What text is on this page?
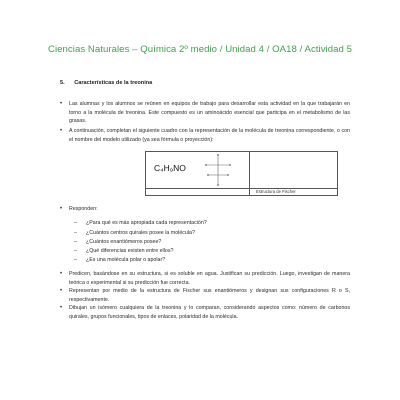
Ciencias Naturales – Química 2º medio / Unidad 4 / OA18 / Actividad 5
5. Características de la treonina
• Las alumnas y los alumnos se reúnen en equipos de trabajo para desarrollar esta actividad en la que trabajarán en torno a la molécula de treonina. Este compuesto es un aminoácido esencial que participa en el metabolismo de las grasas.
• A continuación, completan el siguiente cuadro con la representación de la molécula de treonina correspondiente, o con el nombre del modelo utilizado (ya sea fórmula o proyección):
C₄H₉NO
Estructura de Fischer
• Responden:
– ¿Para qué es más apropiada cada representación?
– ¿Cuántos centros quirales posee la molécula?
– ¿Cuántos enantiómeros posee?
– ¿Qué diferencias existen entre ellos?
– ¿Es una molécula polar o apolar?
• Predicen, basándose en su estructura, si es soluble en agua. Justifican su predicción. Luego, investigan de manera teórica o experimental si su predicción fue correcta.
• Representan por medio de la estructura de Fischer sus enantiómeros y designan sus configuraciones R o S, respectivamente.
• Dibujan un isómero cualquiera de la treonina y lo comparan, considerando aspectos como: número de carbonos quirales, grupos funcionales, tipos de enlaces, polaridad de la molécula.
